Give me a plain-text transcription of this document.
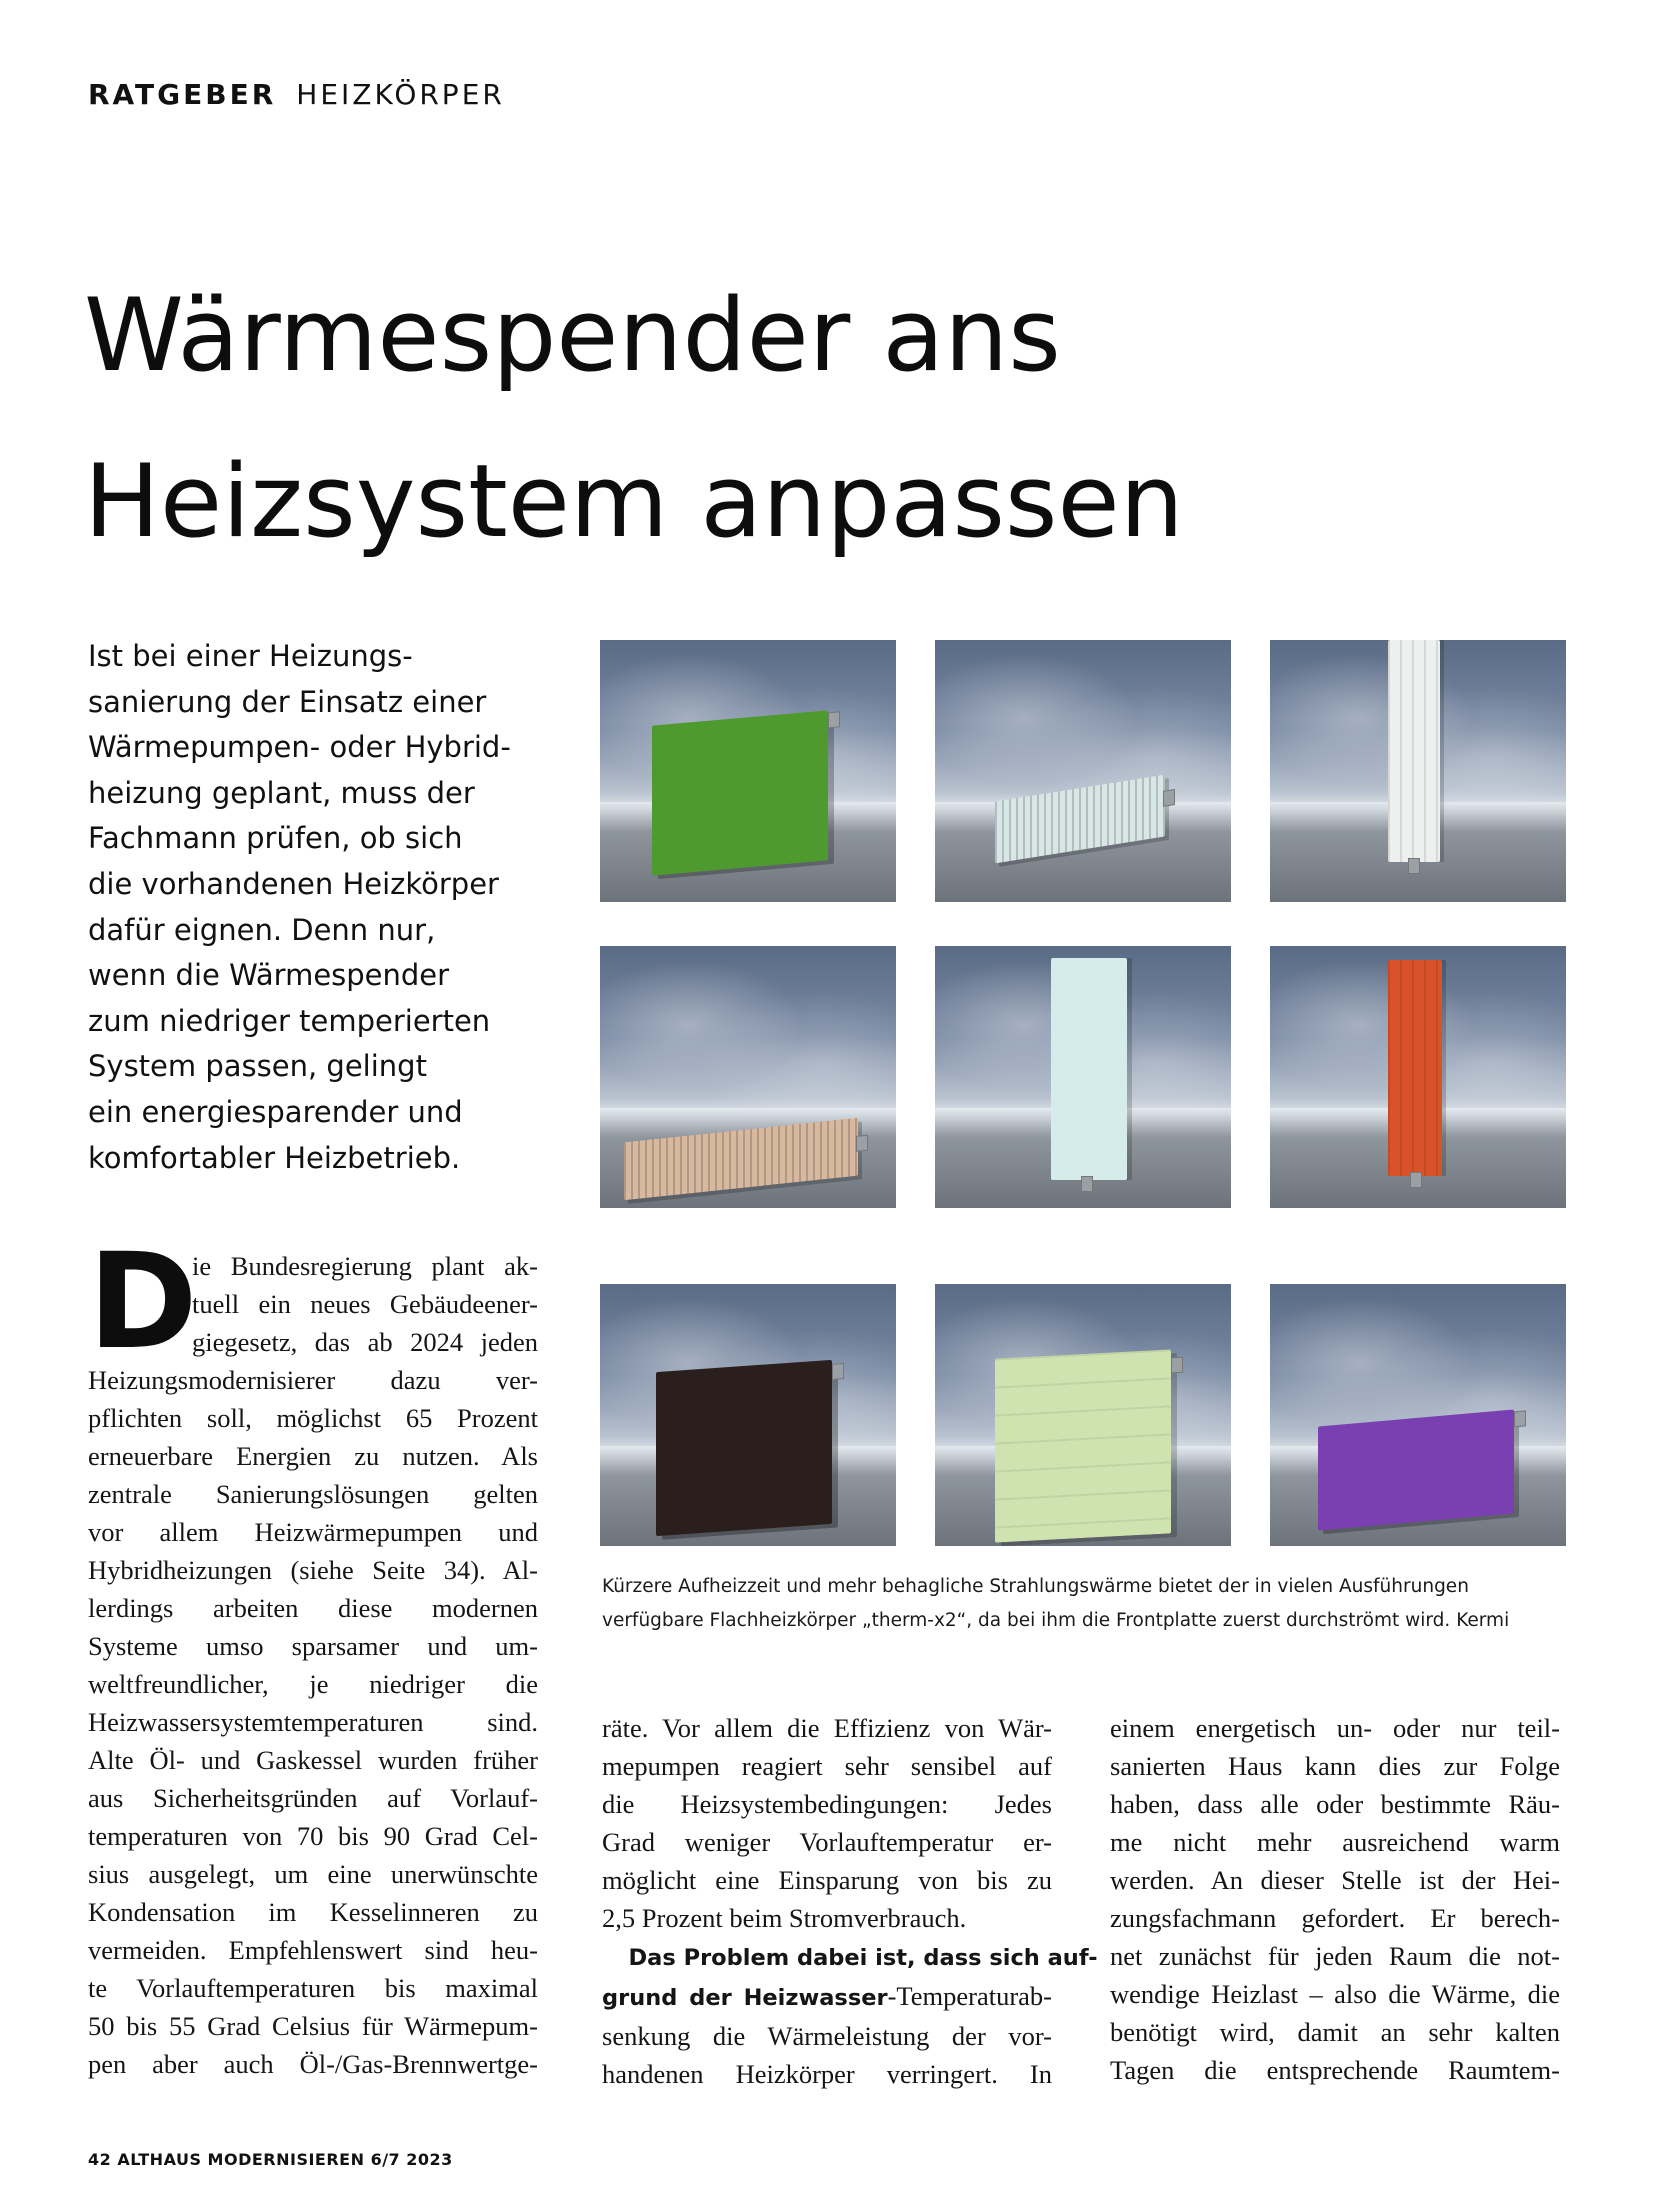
RATGEBER HEIZKÖRPER
Wärmespender ans
Heizsystem anpassen
Ist bei einer Heizungs-
sanierung der Einsatz einer
Wärmepumpen- oder Hybrid-
heizung geplant, muss der
Fachmann prüfen, ob sich
die vorhandenen Heizkörper
dafür eignen. Denn nur,
wenn die Wärmespender
zum niedriger temperierten
System passen, gelingt
ein energiesparender und
komfortabler Heizbetrieb.
Kürzere Aufheizzeit und mehr behagliche Strahlungswärme bietet der in vielen Ausführungen
verfügbare Flachheizkörper „therm-x2“, da bei ihm die Frontplatte zuerst durchströmt wird. Kermi
D
ie Bundesregierung plant ak-
tuell ein neues Gebäudeener-
giegesetz, das ab 2024 jeden
Heizungsmodernisierer dazu ver-
pflichten soll, möglichst 65 Prozent
erneuerbare Energien zu nutzen. Als
zentrale Sanierungslösungen gelten
vor allem Heizwärmepumpen und
Hybridheizungen (siehe Seite 34). Al-
lerdings arbeiten diese modernen
Systeme umso sparsamer und um-
weltfreundlicher, je niedriger die
Heizwassersystemtemperaturen sind.
Alte Öl- und Gaskessel wurden früher
aus Sicherheitsgründen auf Vorlauf-
temperaturen von 70 bis 90 Grad Cel-
sius ausgelegt, um eine unerwünschte
Kondensation im Kesselinneren zu
vermeiden. Empfehlenswert sind heu-
te Vorlauftemperaturen bis maximal
50 bis 55 Grad Celsius für Wärmepum-
pen aber auch Öl-/Gas-Brennwertge-
räte. Vor allem die Effizienz von Wär-
mepumpen reagiert sehr sensibel auf
die Heizsystembedingungen: Jedes
Grad weniger Vorlauftemperatur er-
möglicht eine Einsparung von bis zu
2,5 Prozent beim Stromverbrauch.
 Das Problem dabei ist, dass sich auf-
grund der Heizwasser-Temperaturab-
senkung die Wärmeleistung der vor-
handenen Heizkörper verringert. In
einem energetisch un- oder nur teil-
sanierten Haus kann dies zur Folge
haben, dass alle oder bestimmte Räu-
me nicht mehr ausreichend warm
werden. An dieser Stelle ist der Hei-
zungsfachmann gefordert. Er berech-
net zunächst für jeden Raum die not-
wendige Heizlast – also die Wärme, die
benötigt wird, damit an sehr kalten
Tagen die entsprechende Raumtem-
42 ALTHAUS MODERNISIEREN 6/7 2023
